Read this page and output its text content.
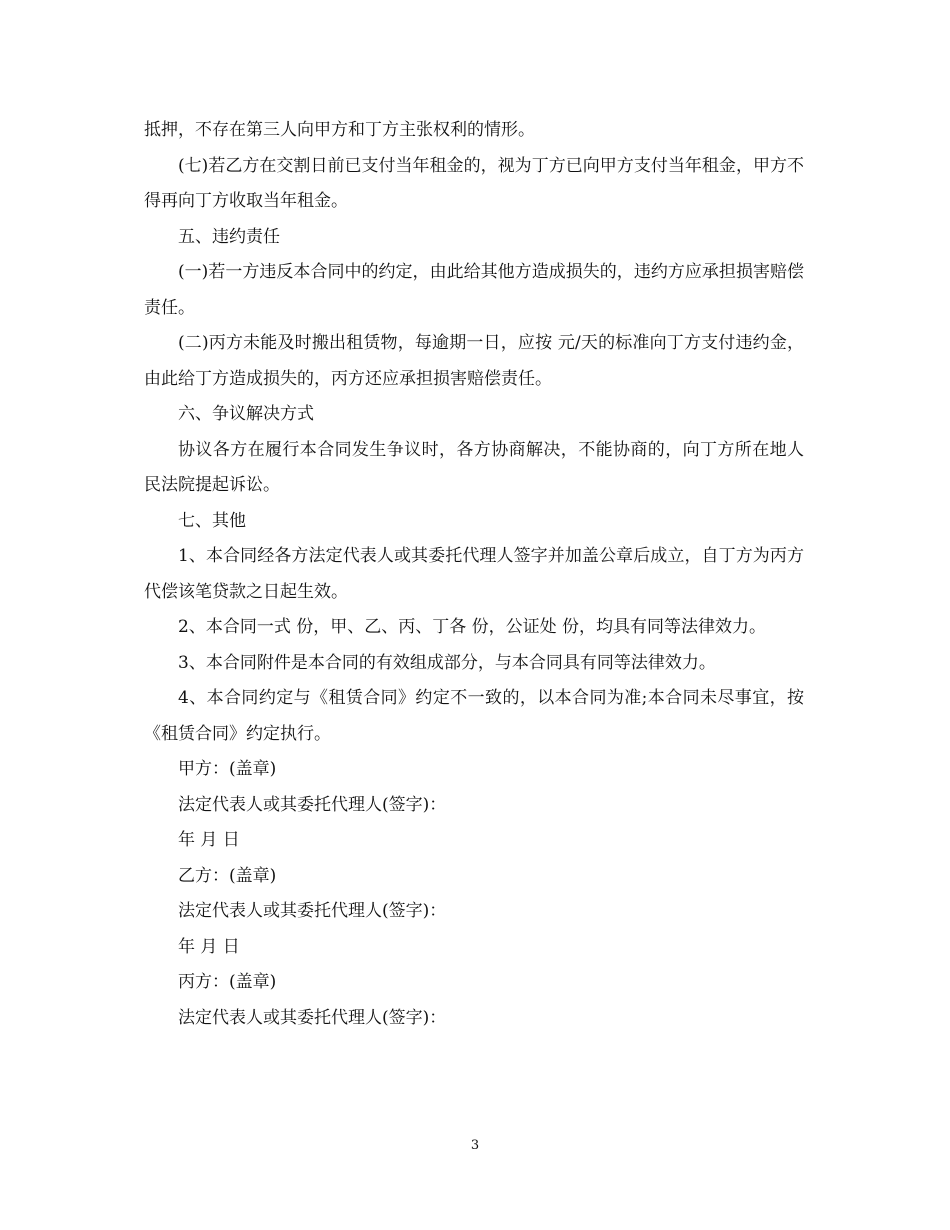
抵押，不存在第三人向甲方和丁方主张权利的情形。

(七)若乙方在交割日前已支付当年租金的，视为丁方已向甲方支付当年租金，甲方不得再向丁方收取当年租金。

五、违约责任

(一)若一方违反本合同中的约定，由此给其他方造成损失的，违约方应承担损害赔偿责任。

(二)丙方未能及时搬出租赁物，每逾期一日，应按 元/天的标准向丁方支付违约金，由此给丁方造成损失的，丙方还应承担损害赔偿责任。

六、争议解决方式

协议各方在履行本合同发生争议时，各方协商解决，不能协商的，向丁方所在地人民法院提起诉讼。

七、其他

1、本合同经各方法定代表人或其委托代理人签字并加盖公章后成立，自丁方为丙方代偿该笔贷款之日起生效。

2、本合同一式 份，甲、乙、丙、丁各 份，公证处 份，均具有同等法律效力。

3、本合同附件是本合同的有效组成部分，与本合同具有同等法律效力。

4、本合同约定与《租赁合同》约定不一致的，以本合同为准;本合同未尽事宜，按《租赁合同》约定执行。

甲方：(盖章)

法定代表人或其委托代理人(签字)：

年 月 日

乙方：(盖章)

法定代表人或其委托代理人(签字)：

年 月 日

丙方：(盖章)

法定代表人或其委托代理人(签字)：

3
